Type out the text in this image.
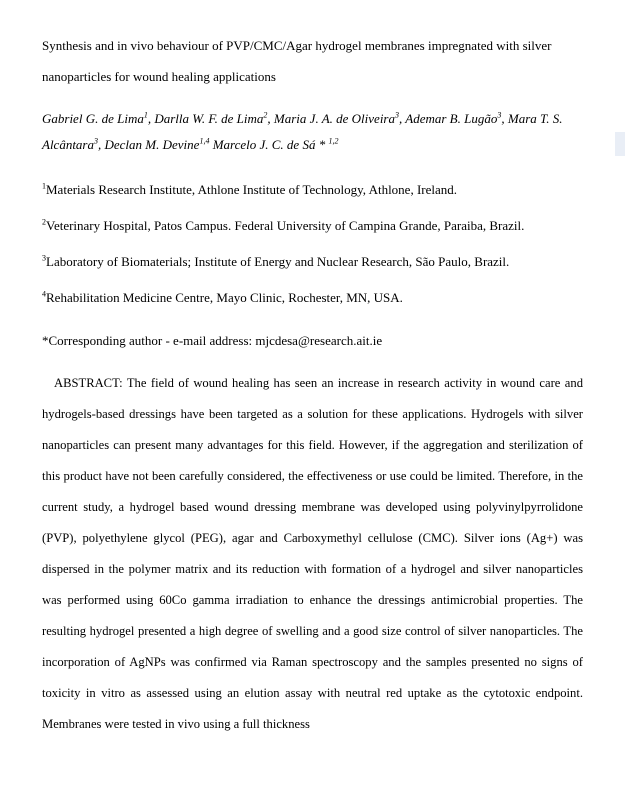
Synthesis and in vivo behaviour of PVP/CMC/Agar hydrogel membranes impregnated with silver nanoparticles for wound healing applications

Gabriel G. de Lima$^1$, Darlla W. F. de Lima$^2$, Maria J. A. de Oliveira$^3$, Ademar B. Lugão$^3$, Mara T. S. Alcântara$^3$, Declan M. Devine$^{1,4}$ Marcelo J. C. de Sá * $^{1,2}$
$^1$Materials Research Institute, Athlone Institute of Technology, Athlone, Ireland.
$^2$Veterinary Hospital, Patos Campus. Federal University of Campina Grande, Paraiba, Brazil.
$^3$Laboratory of Biomaterials; Institute of Energy and Nuclear Research, São Paulo, Brazil.
$^4$Rehabilitation Medicine Centre, Mayo Clinic, Rochester, MN, USA.
*Corresponding author - e-mail address: mjcdesa@research.ait.ie

ABSTRACT: The field of wound healing has seen an increase in research activity in wound care and hydrogels-based dressings have been targeted as a solution for these applications. Hydrogels with silver nanoparticles can present many advantages for this field. However, if the aggregation and sterilization of this product have not been carefully considered, the effectiveness or use could be limited. Therefore, in the current study, a hydrogel based wound dressing membrane was developed using polyvinylpyrrolidone (PVP), polyethylene glycol (PEG), agar and Carboxymethyl cellulose (CMC). Silver ions (Ag+) was dispersed in the polymer matrix and its reduction with formation of a hydrogel and silver nanoparticles was performed using 60Co gamma irradiation to enhance the dressings antimicrobial properties. The resulting hydrogel presented a high degree of swelling and a good size control of silver nanoparticles. The incorporation of AgNPs was confirmed via Raman spectroscopy and the samples presented no signs of toxicity in vitro as assessed using an elution assay with neutral red uptake as the cytotoxic endpoint. Membranes were tested in vivo using a full thickness
